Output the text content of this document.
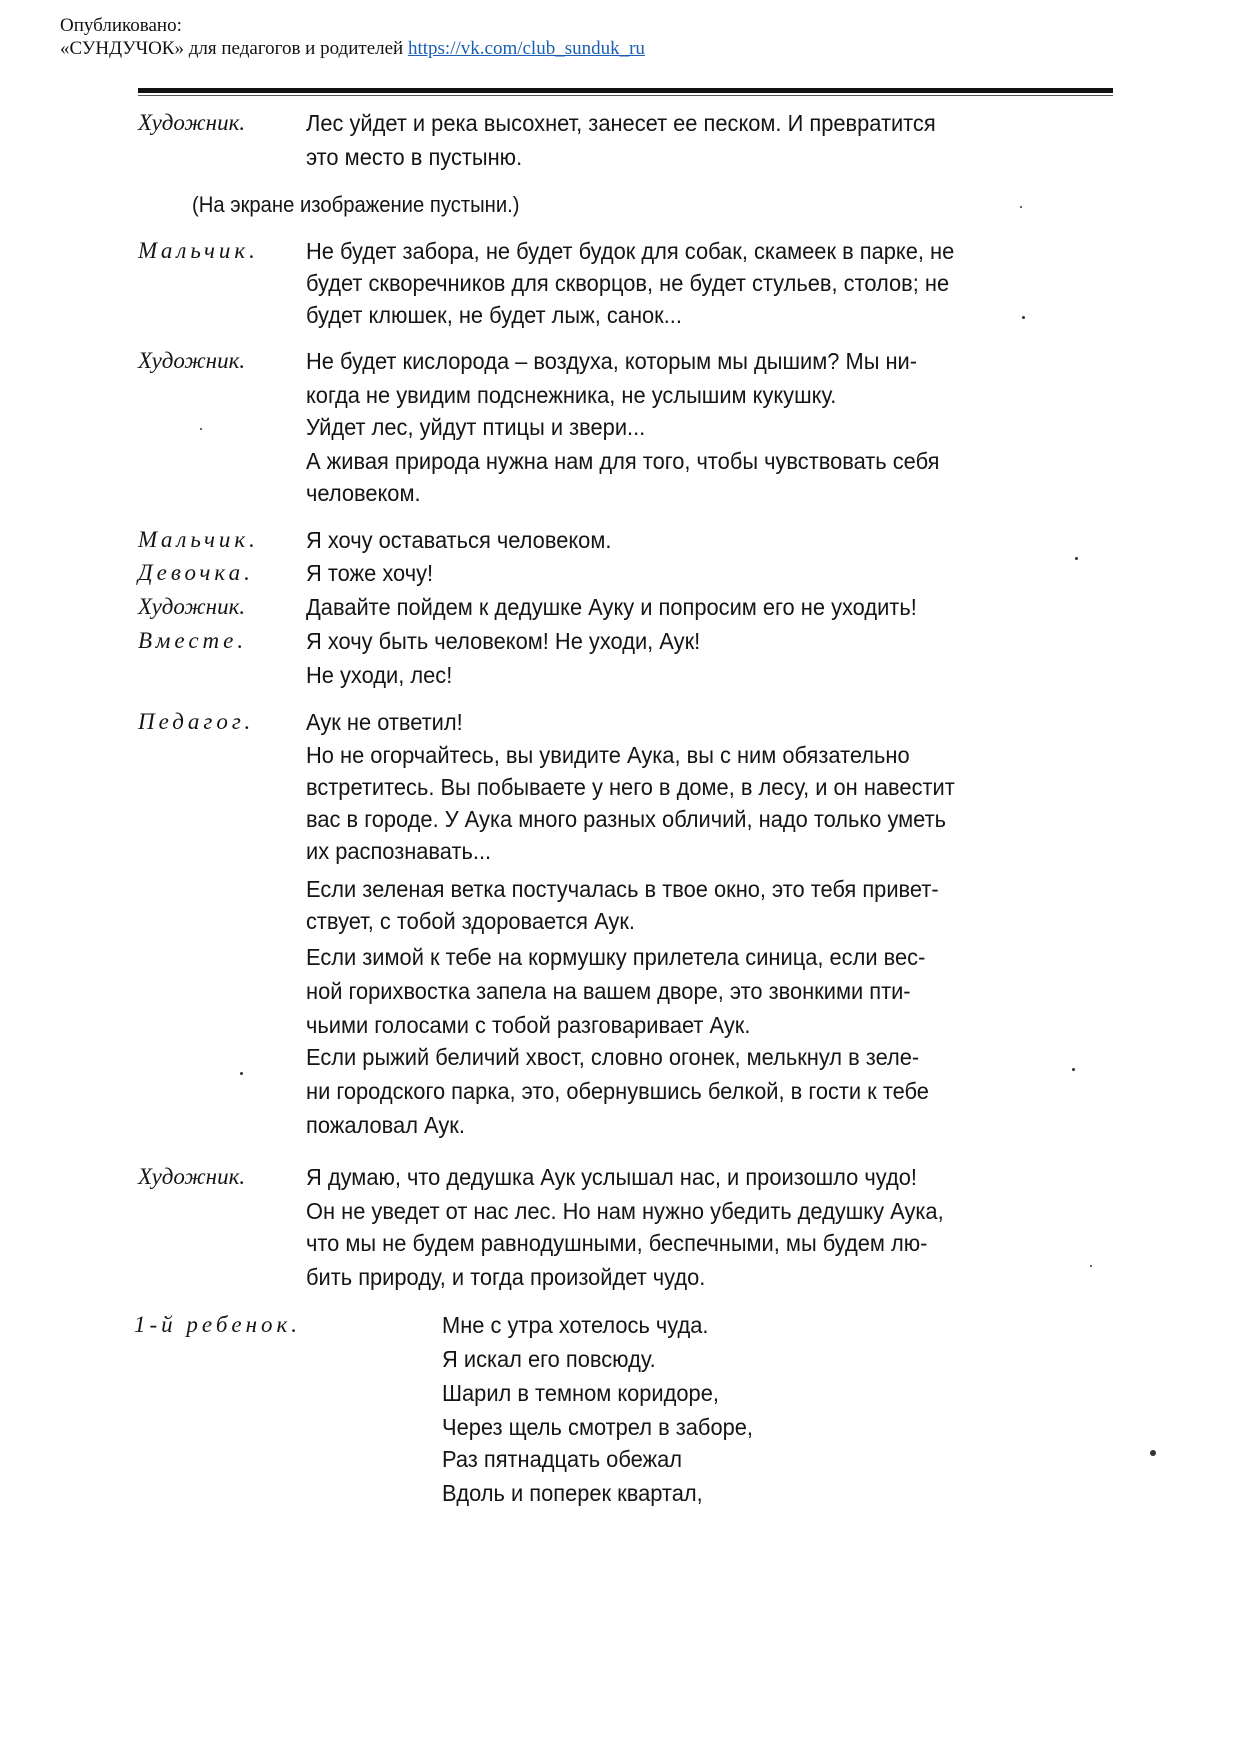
Опубликовано:
«СУНДУЧОК» для педагогов и родителей https://vk.com/club_sunduk_ru
Художник.	Лес уйдет и река высохнет, занесет ее песком. И превратится
это место в пустыню.
(На экране изображение пустыни.)
Мальчик. Не будет забора, не будет будок для собак, скамеек в парке, не
будет скворечников для скворцов, не будет стульев, столов; не
будет клюшек, не будет лыж, санок...
Художник.	Не будет кислорода – воздуха, которым мы дышим? Мы ни-
когда не увидим подснежника, не услышим кукушку.
Уйдет лес, уйдут птицы и звери...
А живая природа нужна нам для того, чтобы чувствовать себя
человеком.
Мальчик. Я хочу оставаться человеком.
Девочка. Я тоже хочу!
Художник.	Давайте пойдем к дедушке Ауку и попросим его не уходить!
Вместе.	Я хочу быть человеком! Не уходи, Аук!
Не уходи, лес!
Педагог. Аук не ответил!
Но не огорчайтесь, вы увидите Аука, вы с ним обязательно
встретитесь. Вы побываете у него в доме, в лесу, и он навестит
вас в городе. У Аука много разных обличий, надо только уметь
их распознавать...
Если зеленая ветка постучалась в твое окно, это тебя привет-
ствует, с тобой здоровается Аук.
Если зимой к тебе на кормушку прилетела синица, если вес-
ной горихвостка запела на вашем дворе, это звонкими пти-
чьими голосами с тобой разговаривает Аук.
Если рыжий беличий хвост, словно огонек, мелькнул в зеле-
ни городского парка, это, обернувшись белкой, в гости к тебе
пожаловал Аук.
Художник.	Я думаю, что дедушка Аук услышал нас, и произошло чудо!
Он не уведет от нас лес. Но нам нужно убедить дедушку Аука,
что мы не будем равнодушными, беспечными, мы будем лю-
бить природу, и тогда произойдет чудо.
1-й ребенок.	Мне с утра хотелось чуда.
Я искал его повсюду.
Шарил в темном коридоре,
Через щель смотрел в заборе,
Раз пятнадцать обежал
Вдоль и поперек квартал,
